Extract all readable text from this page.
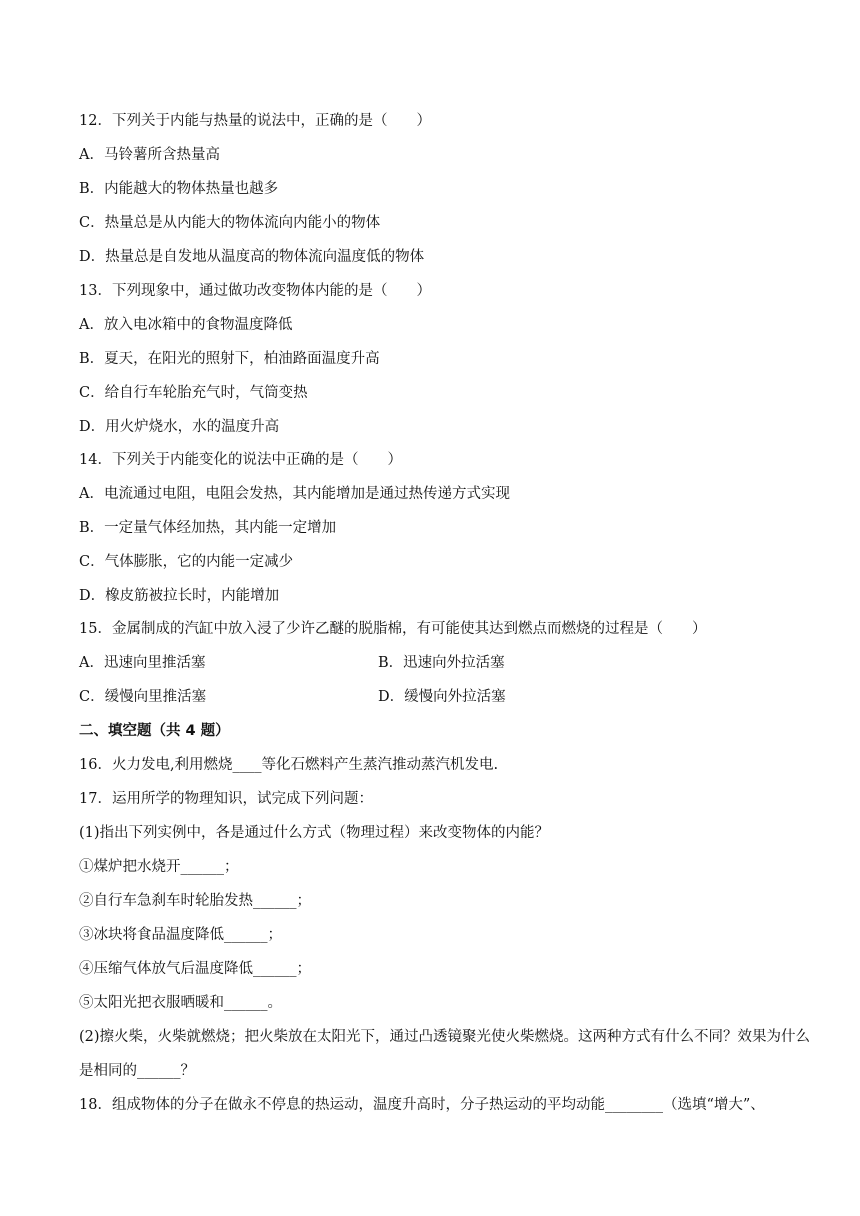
12．下列关于内能与热量的说法中，正确的是（　　）
A．马铃薯所含热量高
B．内能越大的物体热量也越多
C．热量总是从内能大的物体流向内能小的物体
D．热量总是自发地从温度高的物体流向温度低的物体
13．下列现象中，通过做功改变物体内能的是（　　）
A．放入电冰箱中的食物温度降低
B．夏天，在阳光的照射下，柏油路面温度升高
C．给自行车轮胎充气时，气筒变热
D．用火炉烧水，水的温度升高
14．下列关于内能变化的说法中正确的是（　　）
A．电流通过电阻，电阻会发热，其内能增加是通过热传递方式实现
B．一定量气体经加热，其内能一定增加
C．气体膨胀，它的内能一定减少
D．橡皮筋被拉长时，内能增加
15．金属制成的汽缸中放入浸了少许乙醚的脱脂棉，有可能使其达到燃点而燃烧的过程是（　　）
A．迅速向里推活塞	B．迅速向外拉活塞
C．缓慢向里推活塞	D．缓慢向外拉活塞
二、填空题（共 4 题）
16．火力发电,利用燃烧____等化石燃料产生蒸汽推动蒸汽机发电.
17．运用所学的物理知识，试完成下列问题：
(1)指出下列实例中，各是通过什么方式（物理过程）来改变物体的内能？
①煤炉把水烧开______；
②自行车急刹车时轮胎发热______；
③冰块将食品温度降低______；
④压缩气体放气后温度降低______；
⑤太阳光把衣服晒暖和______。
(2)擦火柴，火柴就燃烧；把火柴放在太阳光下，通过凸透镜聚光使火柴燃烧。这两种方式有什么不同？效果为什么是相同的______？
18．组成物体的分子在做永不停息的热运动，温度升高时，分子热运动的平均动能________（选填“增大”、
